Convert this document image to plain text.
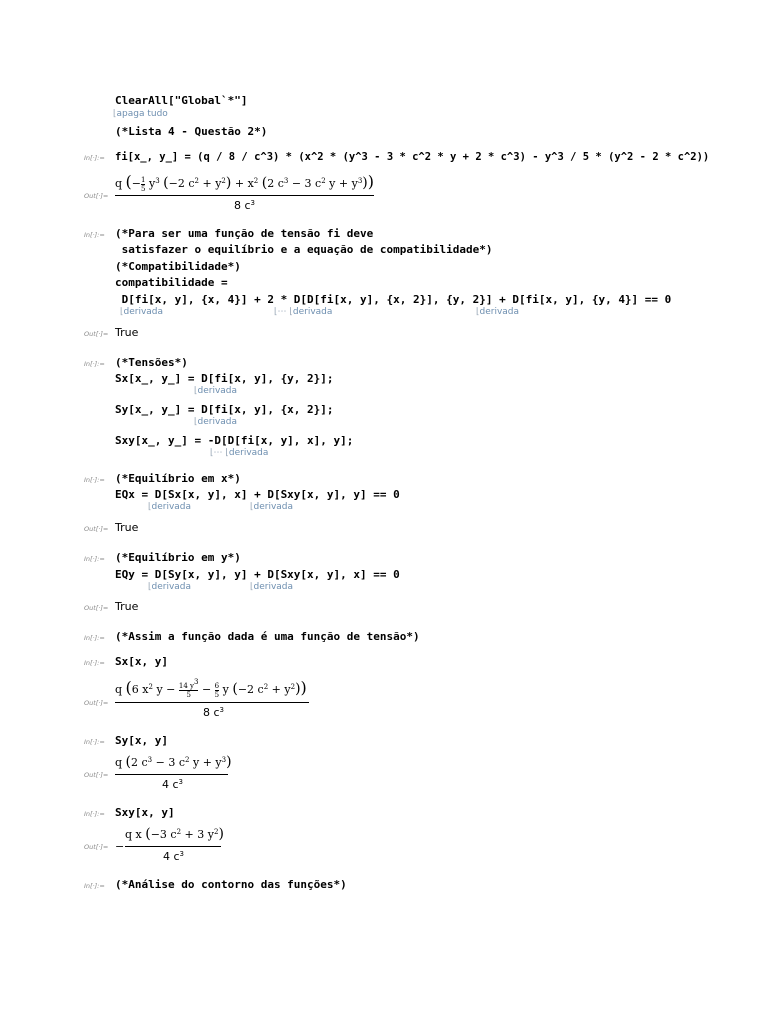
ClearAll["Global`*"]
⌊apaga tudo
(*Lista 4 - Questão 2*)
In[·]:= fi[x_, y_] = (q / 8 / c^3) * (x^2 * (y^3 - 3 * c^2 * y + 2 * c^3) - y^3 / 5 * (y^2 - 2 * c^2))
Out[·]=
q (− $\frac{1}{5} y^3$ (−2 $c^2 + y^2) + x^2$ (2 $c^3 - 3$ $c^2$ $y + y^3$))
8 $c^3$
In[·]:= (*Para ser uma função de tensão fi deve
satisfazer o equilíbrio e a equação de compatibilidade*)
(*Compatibilidade*)
compatibilidade =
D[fi[x, y], {x, 4}] + 2 * D[D[fi[x, y], {x, 2}], {y, 2}] + D[fi[x, y], {y, 4}] == 0
⌊derivada	⌊⋯ ⌊derivada	⌊derivada
Out[·]= True
In[·]:= (*Tensões*)
Sx[x_, y_] = D[fi[x, y], {y, 2}];
⌊derivada
Sy[x_, y_] = D[fi[x, y], {x, 2}];
⌊derivada
Sxy[x_, y_] = -D[D[fi[x, y], x], y];
⌊⋯ ⌊derivada
In[·]:= (*Equilíbrio em x*)
EQx = D[Sx[x, y], x] + D[Sxy[x, y], y] == 0
⌊derivada	⌊derivada
Out[·]= True
In[·]:= (*Equilíbrio em y*)
EQy = D[Sy[x, y], y] + D[Sxy[x, y], x] == 0
⌊derivada	⌊derivada
Out[·]= True
In[·]:= (*Assim a função dada é uma função de tensão*)
In[·]:= Sx[x, y]
Out[·]=
q (6 $x^2$ $y - \frac{14 y^3}{5} - \frac{6}{5}$ y (−2 $c^2 + y^2$))
8 $c^3$
In[·]:= Sy[x, y]
Out[·]=
q (2 $c^3 - 3$ $c^2$ $y + y^3$)
4 $c^3$
In[·]:= Sxy[x, y]
Out[·]= −
q x (−3 $c^2 + 3$ $y^2$)
4 $c^3$
In[·]:= (*Análise do contorno das funções*)
